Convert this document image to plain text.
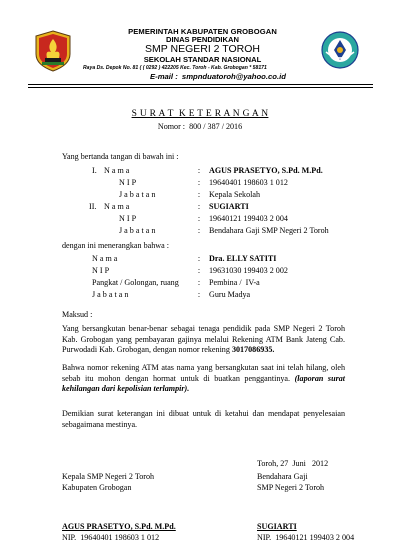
PEMERINTAH KABUPATEN GROBOGAN
DINAS PENDIDIKAN
SMP NEGERI 2 TOROH
SEKOLAH STANDAR NASIONAL
Raya Ds. Depok No. 81 ( ( 0292 ) 422205 Kec. Toroh - Kab. Grobogan * 58171
E-mail : smpnduatoroh@yahoo.co.id
S U R A T  K E T E R A N G A N
Nomor :  800 / 387 / 2016
Yang bertanda tangan di bawah ini :
I. N a m a	: AGUS PRASETYO, S.Pd. M.Pd.
N I P	: 19640401 198603 1 012
J a b a t a n	: Kepala Sekolah
II. N a m a	: SUGIARTI
N I P	: 19640121 199403 2 004
J a b a t a n	: Bendahara Gaji SMP Negeri 2 Toroh
dengan ini menerangkan bahwa :
N a m a	: Dra. ELLY SATITI
N I P	: 19631030 199403 2 002
Pangkat / Golongan, ruang : Pembina /  IV-a
J a b a t a n	: Guru Madya
Maksud :
Yang bersangkutan benar-benar sebagai tenaga pendidik pada SMP Negeri 2 Toroh Kab. Grobogan yang pembayaran gajinya melalui Rekening ATM Bank Jateng Cab. Purwodadi Kab. Grobogan, dengan nomor rekening 3017086935.
Bahwa nomor rekening ATM atas nama yang bersangkutan saat ini telah hilang, oleh sebab itu mohon dengan hormat untuk di buatkan penggantinya. (laporan surat kehilangan dari kepolisian terlampir).
Demikian surat keterangan ini dibuat untuk di ketahui dan mendapat penyelesaian sebagaimana mestinya.
Toroh, 27  Juni   2012
Kepala SMP Negeri 2 Toroh
Kabupaten Grobogan
Bendahara Gaji
SMP Negeri 2 Toroh
AGUS PRASETYO, S.Pd. M.Pd.
NIP.  19640401 198603 1 012
SUGIARTI
NIP.  19640121 199403 2 004
